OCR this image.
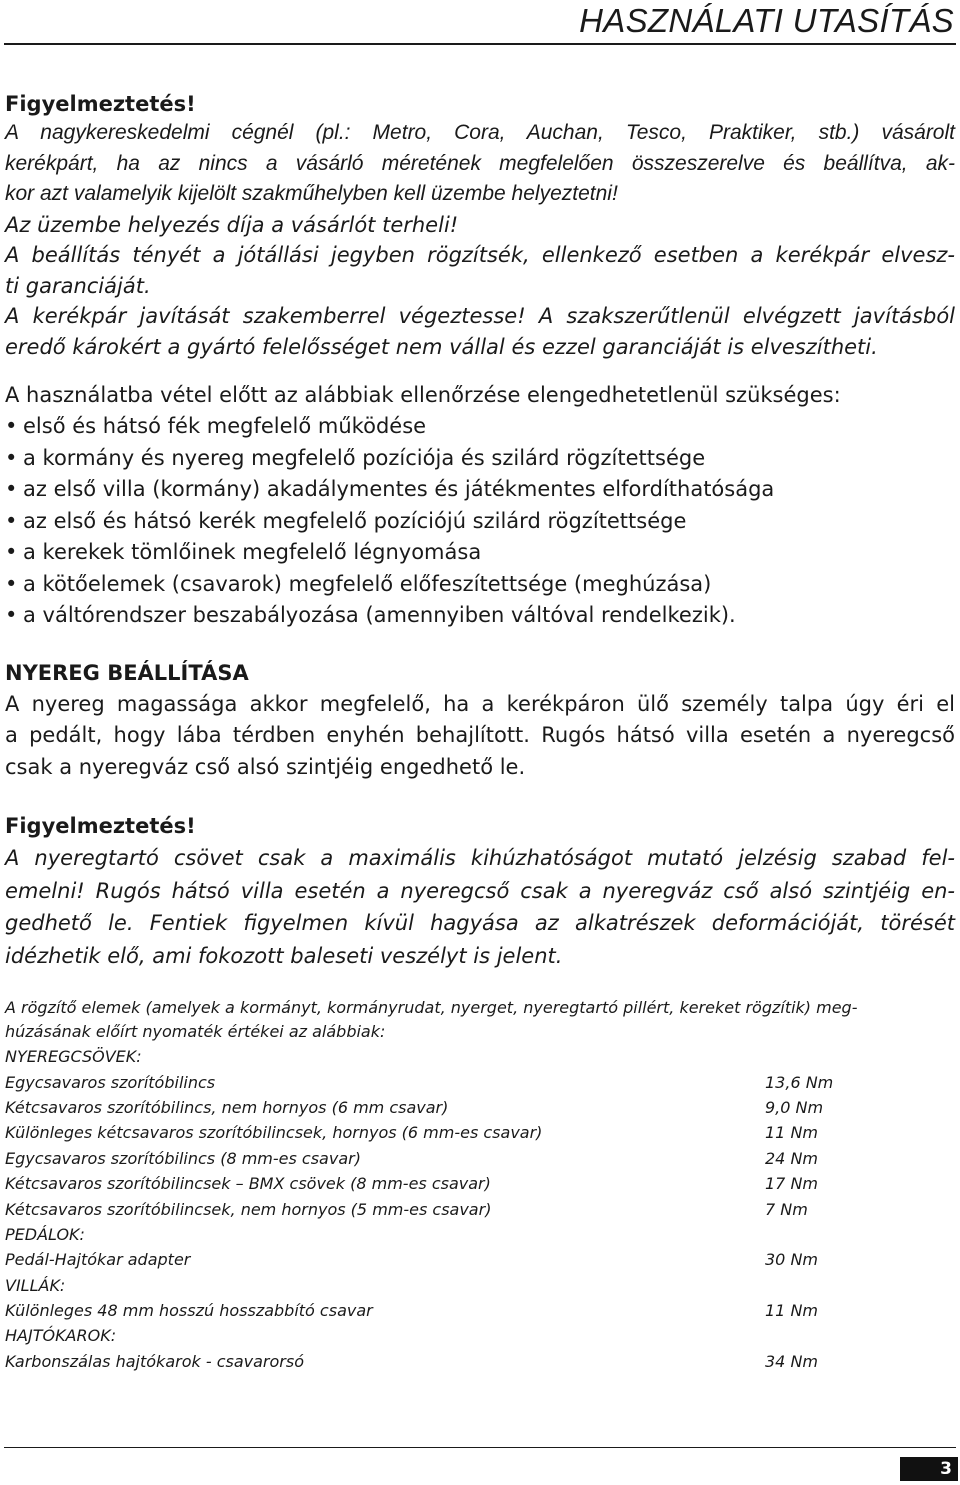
HASZNÁLATI UTASÍTÁS

Figyelmeztetés!

A nagykereskedelmi cégnél (pl.: Metro, Cora, Auchan, Tesco, Praktiker, stb.) vásárolt

kerékpárt, ha az nincs a vásárló méretének megfelelően összeszerelve és beállítva, ak-

kor azt valamelyik kijelölt szakműhelyben kell üzembe helyeztetni!

Az üzembe helyezés díja a vásárlót terheli!

A beállítás tényét a jótállási jegyben rögzítsék, ellenkező esetben a kerékpár elvesz-

ti garanciáját.

A kerékpár javítását szakemberrel végeztesse! A szakszerűtlenül elvégzett javításból

eredő károkért a gyártó felelősséget nem vállal és ezzel garanciáját is elveszítheti.

A használatba vétel előtt az alábbiak ellenőrzése elengedhetetlenül szükséges:

• első és hátsó fék megfelelő működése
• a kormány és nyereg megfelelő pozíciója és szilárd rögzítettsége
• az első villa (kormány) akadálymentes és játékmentes elfordíthatósága
• az első és hátsó kerék megfelelő pozíciójú szilárd rögzítettsége
• a kerekek tömlőinek megfelelő légnyomása
• a kötőelemek (csavarok) megfelelő előfeszítettsége (meghúzása)
• a váltórendszer beszabályozása (amennyiben váltóval rendelkezik).

NYEREG BEÁLLÍTÁSA

A nyereg magassága akkor megfelelő, ha a kerékpáron ülő személy talpa úgy éri el

a pedált, hogy lába térdben enyhén behajlított. Rugós hátsó villa esetén a nyeregcső

csak a nyeregváz cső alsó szintjéig engedhető le.

Figyelmeztetés!

A nyeregtartó csövet csak a maximális kihúzhatóságot mutató jelzésig szabad fel-

emelni! Rugós hátsó villa esetén a nyeregcső csak a nyeregváz cső alsó szintjéig en-

gedhető le. Fentiek figyelmen kívül hagyása az alkatrészek deformációját, törését

idézhetik elő, ami fokozott baleseti veszélyt is jelent.

A rögzítő elemek (amelyek a kormányt, kormányrudat, nyerget, nyeregtartó pillért, kereket rögzítik) meg-
húzásának előírt nyomaték értékei az alábbiak:

NYEREGCSÖVEK:	
Egycsavaros szorítóbilincs	13,6 Nm
Kétcsavaros szorítóbilincs, nem hornyos (6 mm csavar)	9,0 Nm
Különleges kétcsavaros szorítóbilincsek, hornyos (6 mm-es csavar)	11 Nm
Egycsavaros szorítóbilincs (8 mm-es csavar)	24 Nm
Kétcsavaros szorítóbilincsek – BMX csövek (8 mm-es csavar)	17 Nm
Kétcsavaros szorítóbilincsek, nem hornyos (5 mm-es csavar)	7 Nm
PEDÁLOK:	
Pedál-Hajtókar adapter	30 Nm
VILLÁK:	
Különleges 48 mm hosszú hosszabbító csavar	11 Nm
HAJTÓKAROK:	
Karbonszálas hajtókarok - csavarorsó	34 Nm
3
